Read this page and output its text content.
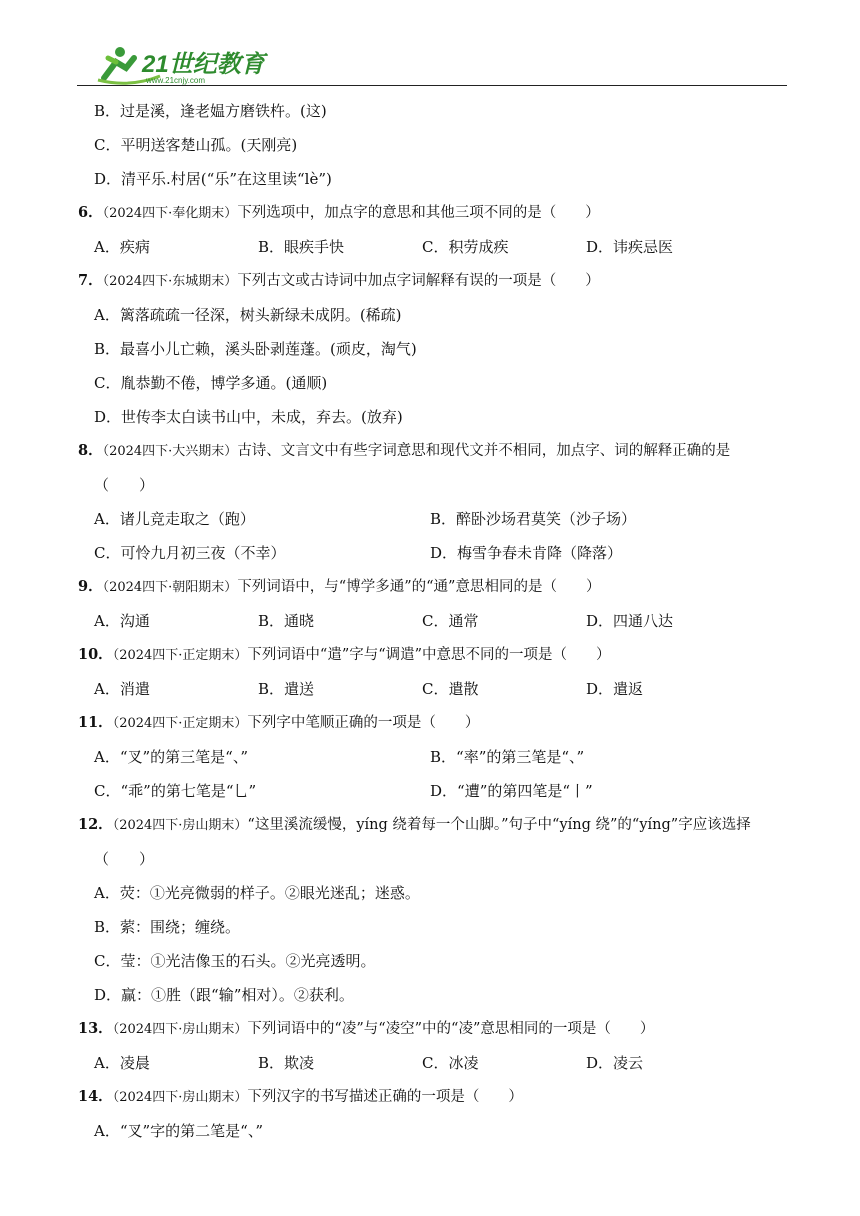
21世纪教育
www.21cnjy.com
B．过是溪，逢老媪方磨铁杵。(这)
C．平明送客楚山孤。(天刚亮)
D．清平乐.村居(“乐”在这里读“lè”)
6．（2024四下·奉化期末）下列选项中，加点字的意思和其他三项不同的是（　　）
A．疾病	B．眼疾手快	C．积劳成疾	D．讳疾忌医
7．（2024四下·东城期末）下列古文或古诗词中加点字词解释有误的一项是（　　）
A．篱落疏疏一径深，树头新绿未成阴。(稀疏)
B．最喜小儿亡赖，溪头卧剥莲蓬。(顽皮，淘气)
C．胤恭勤不倦，博学多通。(通顺)
D．世传李太白读书山中，未成，弃去。(放弃)
8．（2024四下·大兴期末）古诗、文言文中有些字词意思和现代文并不相同，加点字、词的解释正确的是
（　　）
A．诸儿竞走取之（跑）	B．醉卧沙场君莫笑（沙子场）
C．可怜九月初三夜（不幸）	D．梅雪争春未肯降（降落）
9．（2024四下·朝阳期末）下列词语中，与“博学多通”的“通”意思相同的是（　　）
A．沟通	B．通晓	C．通常	D．四通八达
10．（2024四下·正定期末）下列词语中“遣”字与“调遣”中意思不同的一项是（　　）
A．消遣	B．遣送	C．遣散	D．遣返
11．（2024四下·正定期末）下列字中笔顺正确的一项是（　　）
A．“叉”的第三笔是“、”	B．“率”的第三笔是“、”
C．“乖”的第七笔是“乚”	D．“遭”的第四笔是“丨”
12．（2024四下·房山期末）“这里溪流缓慢，yíng 绕着每一个山脚。”句子中“yíng 绕”的“yíng”字应该选择
（　　）
A．荧：①光亮微弱的样子。②眼光迷乱；迷惑。
B．萦：围绕；缠绕。
C．莹：①光洁像玉的石头。②光亮透明。
D．赢：①胜（跟“输”相对）。②获利。
13．（2024四下·房山期末）下列词语中的“凌”与“凌空”中的“凌”意思相同的一项是（　　）
A．凌晨	B．欺凌	C．冰凌	D．凌云
14．（2024四下·房山期末）下列汉字的书写描述正确的一项是（　　）
A．“叉”字的第二笔是“、”
